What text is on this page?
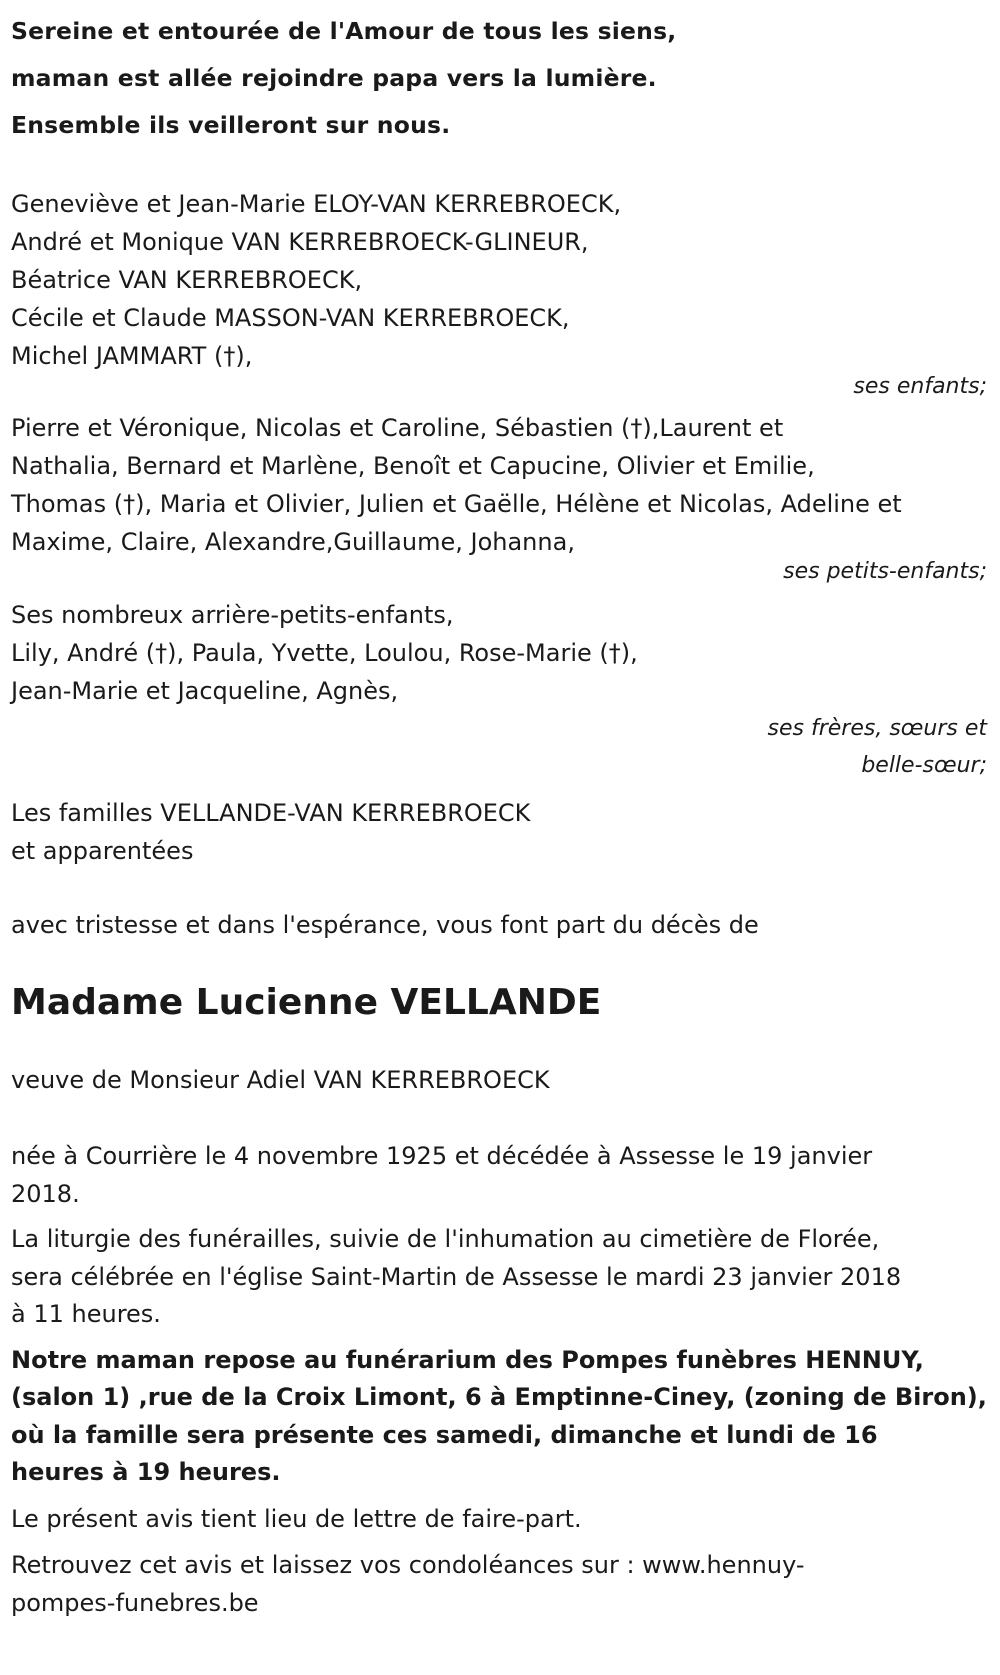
Sereine et entourée de l'Amour de tous les siens,

maman est allée rejoindre papa vers la lumière.

Ensemble ils veilleront sur nous.

Geneviève et Jean-Marie ELOY-VAN KERREBROECK,
André et Monique VAN KERREBROECK-GLINEUR,
Béatrice VAN KERREBROECK,
Cécile et Claude MASSON-VAN KERREBROECK,
Michel JAMMART (†),
ses enfants;
Pierre et Véronique, Nicolas et Caroline, Sébastien (†),Laurent et
Nathalia, Bernard et Marlène, Benoît et Capucine, Olivier et Emilie,
Thomas (†), Maria et Olivier, Julien et Gaëlle, Hélène et Nicolas, Adeline et
Maxime, Claire, Alexandre,Guillaume, Johanna,
ses petits-enfants;
Ses nombreux arrière-petits-enfants,
Lily, André (†), Paula, Yvette, Loulou, Rose-Marie (†),
Jean-Marie et Jacqueline, Agnès,
ses frères, sœurs et
belle-sœur;
Les familles VELLANDE-VAN KERREBROECK
et apparentées
avec tristesse et dans l'espérance, vous font part du décès de
Madame Lucienne VELLANDE
veuve de Monsieur Adiel VAN KERREBROECK
née à Courrière le 4 novembre 1925 et décédée à Assesse le 19 janvier
2018.
La liturgie des funérailles, suivie de l'inhumation au cimetière de Florée,
sera célébrée en l'église Saint-Martin de Assesse le mardi 23 janvier 2018
à 11 heures.
Notre maman repose au funérarium des Pompes funèbres HENNUY,
(salon 1) ,rue de la Croix Limont, 6 à Emptinne-Ciney, (zoning de Biron),
où la famille sera présente ces samedi, dimanche et lundi de 16
heures à 19 heures.
Le présent avis tient lieu de lettre de faire-part.
Retrouvez cet avis et laissez vos condoléances sur : www.hennuy-
pompes-funebres.be
